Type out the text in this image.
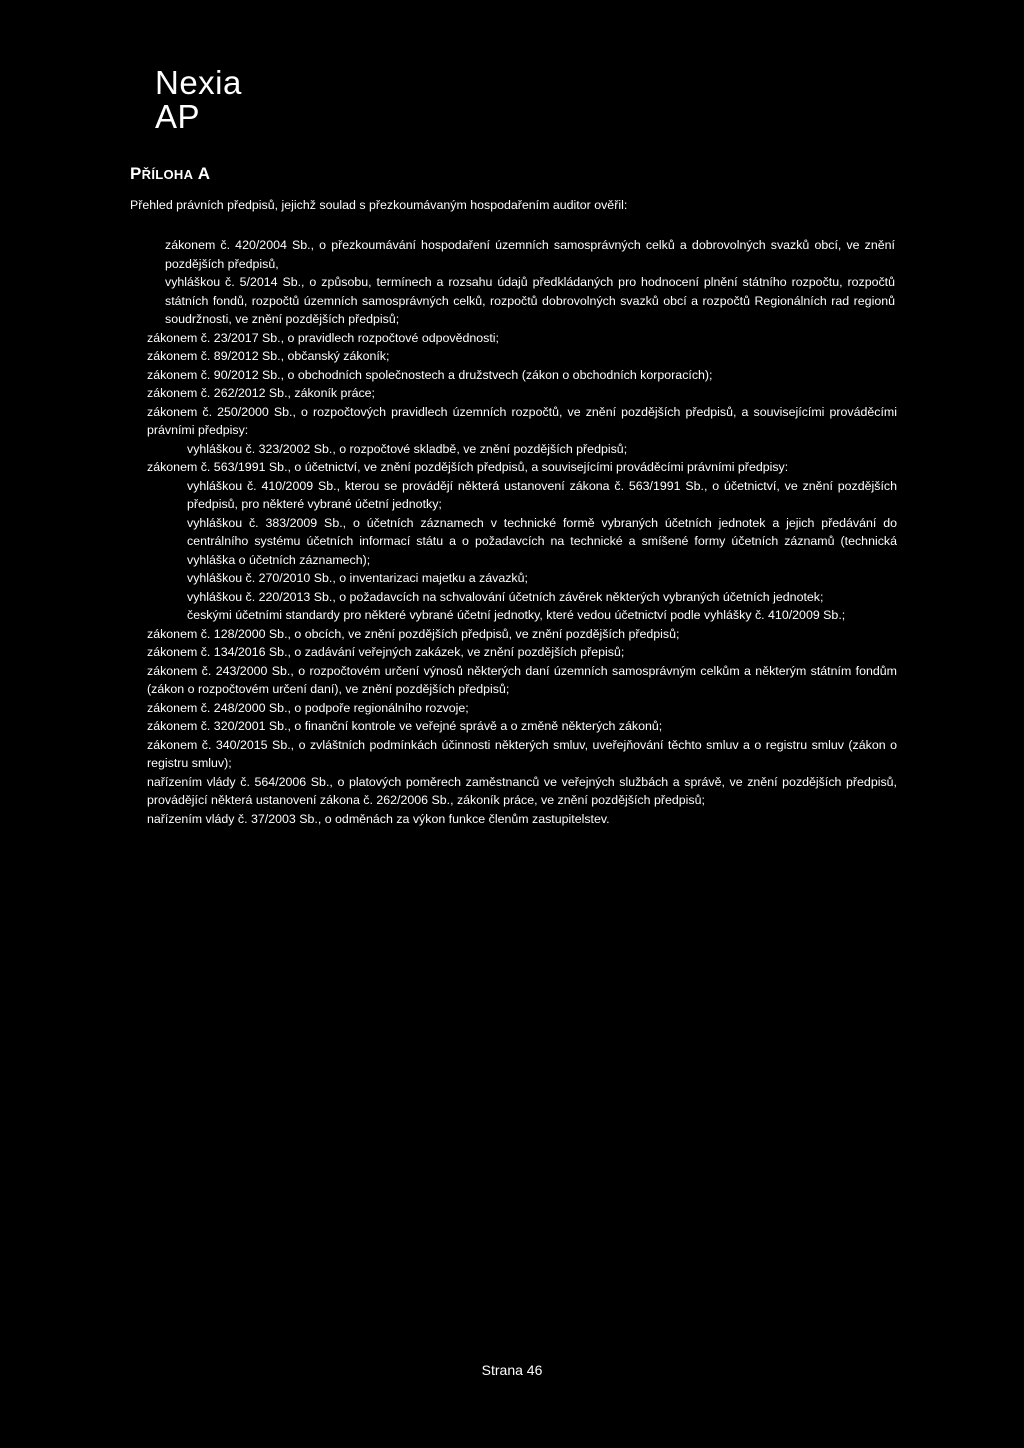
Nexia
AP
PŘÍLOHA A
Přehled právních předpisů, jejichž soulad s přezkoumávaným hospodařením auditor ověřil:
zákonem č. 420/2004 Sb., o přezkoumávání hospodaření územních samosprávných celků a dobrovolných svazků obcí, ve znění pozdějších předpisů,
vyhláškou č. 5/2014 Sb., o způsobu, termínech a rozsahu údajů předkládaných pro hodnocení plnění státního rozpočtu, rozpočtů státních fondů, rozpočtů územních samosprávných celků, rozpočtů dobrovolných svazků obcí a rozpočtů Regionálních rad regionů soudržnosti, ve znění pozdějších předpisů;
zákonem č. 23/2017 Sb., o pravidlech rozpočtové odpovědnosti;
zákonem č. 89/2012 Sb., občanský zákoník;
zákonem č. 90/2012 Sb., o obchodních společnostech a družstvech (zákon o obchodních korporacích);
zákonem č. 262/2012 Sb., zákoník práce;
zákonem č. 250/2000 Sb., o rozpočtových pravidlech územních rozpočtů, ve znění pozdějších předpisů, a souvisejícími prováděcími právními předpisy:
vyhláškou č. 323/2002 Sb., o rozpočtové skladbě, ve znění pozdějších předpisů;
zákonem č. 563/1991 Sb., o účetnictví, ve znění pozdějších předpisů, a souvisejícími prováděcími právními předpisy:
vyhláškou č. 410/2009 Sb., kterou se provádějí některá ustanovení zákona č. 563/1991 Sb., o účetnictví, ve znění pozdějších předpisů, pro některé vybrané účetní jednotky;
vyhláškou č. 383/2009 Sb., o účetních záznamech v technické formě vybraných účetních jednotek a jejich předávání do centrálního systému účetních informací státu a o požadavcích na technické a smíšené formy účetních záznamů (technická vyhláška o účetních záznamech);
vyhláškou č. 270/2010 Sb., o inventarizaci majetku a závazků;
vyhláškou č. 220/2013 Sb., o požadavcích na schvalování účetních závěrek některých vybraných účetních jednotek;
českými účetními standardy pro některé vybrané účetní jednotky, které vedou účetnictví podle vyhlášky č. 410/2009 Sb.;
zákonem č. 128/2000 Sb., o obcích, ve znění pozdějších předpisů, ve znění pozdějších předpisů;
zákonem č. 134/2016 Sb., o zadávání veřejných zakázek, ve znění pozdějších přepisů;
zákonem č. 243/2000 Sb., o rozpočtovém určení výnosů některých daní územních samosprávným celkům a některým státním fondům (zákon o rozpočtovém určení daní), ve znění pozdějších předpisů;
zákonem č. 248/2000 Sb., o podpoře regionálního rozvoje;
zákonem č. 320/2001 Sb., o finanční kontrole ve veřejné správě a o změně některých zákonů;
zákonem č. 340/2015 Sb., o zvláštních podmínkách účinnosti některých smluv, uveřejňování těchto smluv a o registru smluv (zákon o registru smluv);
nařízením vlády č. 564/2006 Sb., o platových poměrech zaměstnanců ve veřejných službách a správě, ve znění pozdějších předpisů, provádějící některá ustanovení zákona č. 262/2006 Sb., zákoník práce, ve znění pozdějších předpisů;
nařízením vlády č. 37/2003 Sb., o odměnách za výkon funkce členům zastupitelstev.
Strana 46
